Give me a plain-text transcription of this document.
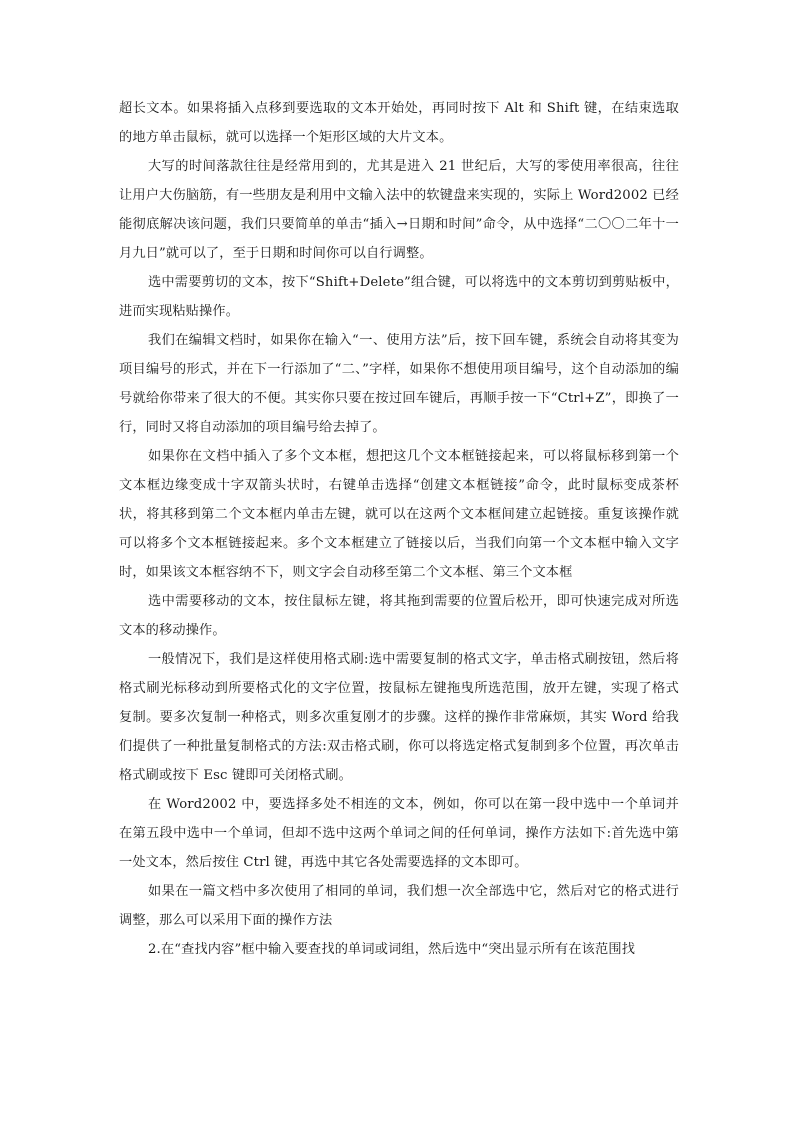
超长文本。如果将插入点移到要选取的文本开始处，再同时按下 Alt 和 Shift 键，在结束选取的地方单击鼠标，就可以选择一个矩形区域的大片文本。

大写的时间落款往往是经常用到的，尤其是进入 21 世纪后，大写的零使用率很高，往往让用户大伤脑筋，有一些朋友是利用中文输入法中的软键盘来实现的，实际上 Word2002 已经能彻底解决该问题，我们只要简单的单击“插入→日期和时间”命令，从中选择“二〇〇二年十一月九日”就可以了，至于日期和时间你可以自行调整。

选中需要剪切的文本，按下“Shift+Delete”组合键，可以将选中的文本剪切到剪贴板中，进而实现粘贴操作。

我们在编辑文档时，如果你在输入“一、使用方法”后，按下回车键，系统会自动将其变为项目编号的形式，并在下一行添加了“二、”字样，如果你不想使用项目编号，这个自动添加的编号就给你带来了很大的不便。其实你只要在按过回车键后，再顺手按一下“Ctrl+Z”，即换了一行，同时又将自动添加的项目编号给去掉了。

如果你在文档中插入了多个文本框，想把这几个文本框链接起来，可以将鼠标移到第一个文本框边缘变成十字双箭头状时，右键单击选择“创建文本框链接”命令，此时鼠标变成茶杯状，将其移到第二个文本框内单击左键，就可以在这两个文本框间建立起链接。重复该操作就可以将多个文本框链接起来。多个文本框建立了链接以后，当我们向第一个文本框中输入文字时，如果该文本框容纳不下，则文字会自动移至第二个文本框、第三个文本框

选中需要移动的文本，按住鼠标左键，将其拖到需要的位置后松开，即可快速完成对所选文本的移动操作。

一般情况下，我们是这样使用格式刷:选中需要复制的格式文字，单击格式刷按钮，然后将格式刷光标移动到所要格式化的文字位置，按鼠标左键拖曳所选范围，放开左键，实现了格式复制。要多次复制一种格式，则多次重复刚才的步骤。这样的操作非常麻烦，其实 Word 给我们提供了一种批量复制格式的方法:双击格式刷，你可以将选定格式复制到多个位置，再次单击格式刷或按下 Esc 键即可关闭格式刷。

在 Word2002 中，要选择多处不相连的文本，例如，你可以在第一段中选中一个单词并在第五段中选中一个单词，但却不选中这两个单词之间的任何单词，操作方法如下:首先选中第一处文本，然后按住 Ctrl 键，再选中其它各处需要选择的文本即可。

如果在一篇文档中多次使用了相同的单词，我们想一次全部选中它，然后对它的格式进行调整，那么可以采用下面的操作方法

2.在“查找内容”框中输入要查找的单词或词组，然后选中“突出显示所有在该范围找
